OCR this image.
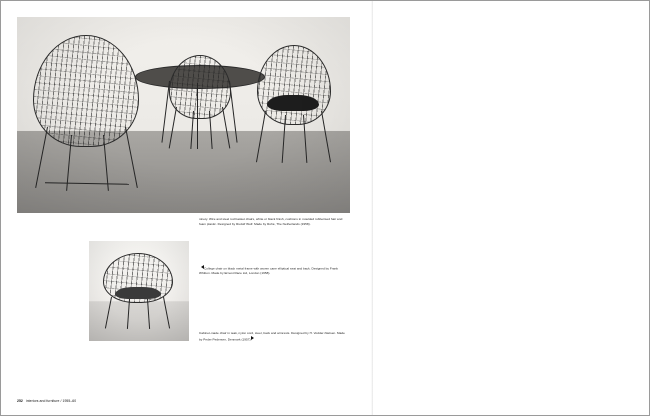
ninety. Wire and steel rod basket chairs, white or black finish, cushions in moulded rubberised hair and foam plastic. Designed by Rudolf Wolf. Made by Rohé, The Netherlands (1958).
College chair on black metal frame with woven cane elliptical seat and back. Designed by Frank Whitton. Made by Ernest Race Ltd, London (1958).
Cabinet-made chair in teak, nylon cord, steel, back and armrests. Designed by H. Vodder-Nielsen. Made by Peder Pedersen, Denmark (1957).
252 interiors and furniture / 1955–60
